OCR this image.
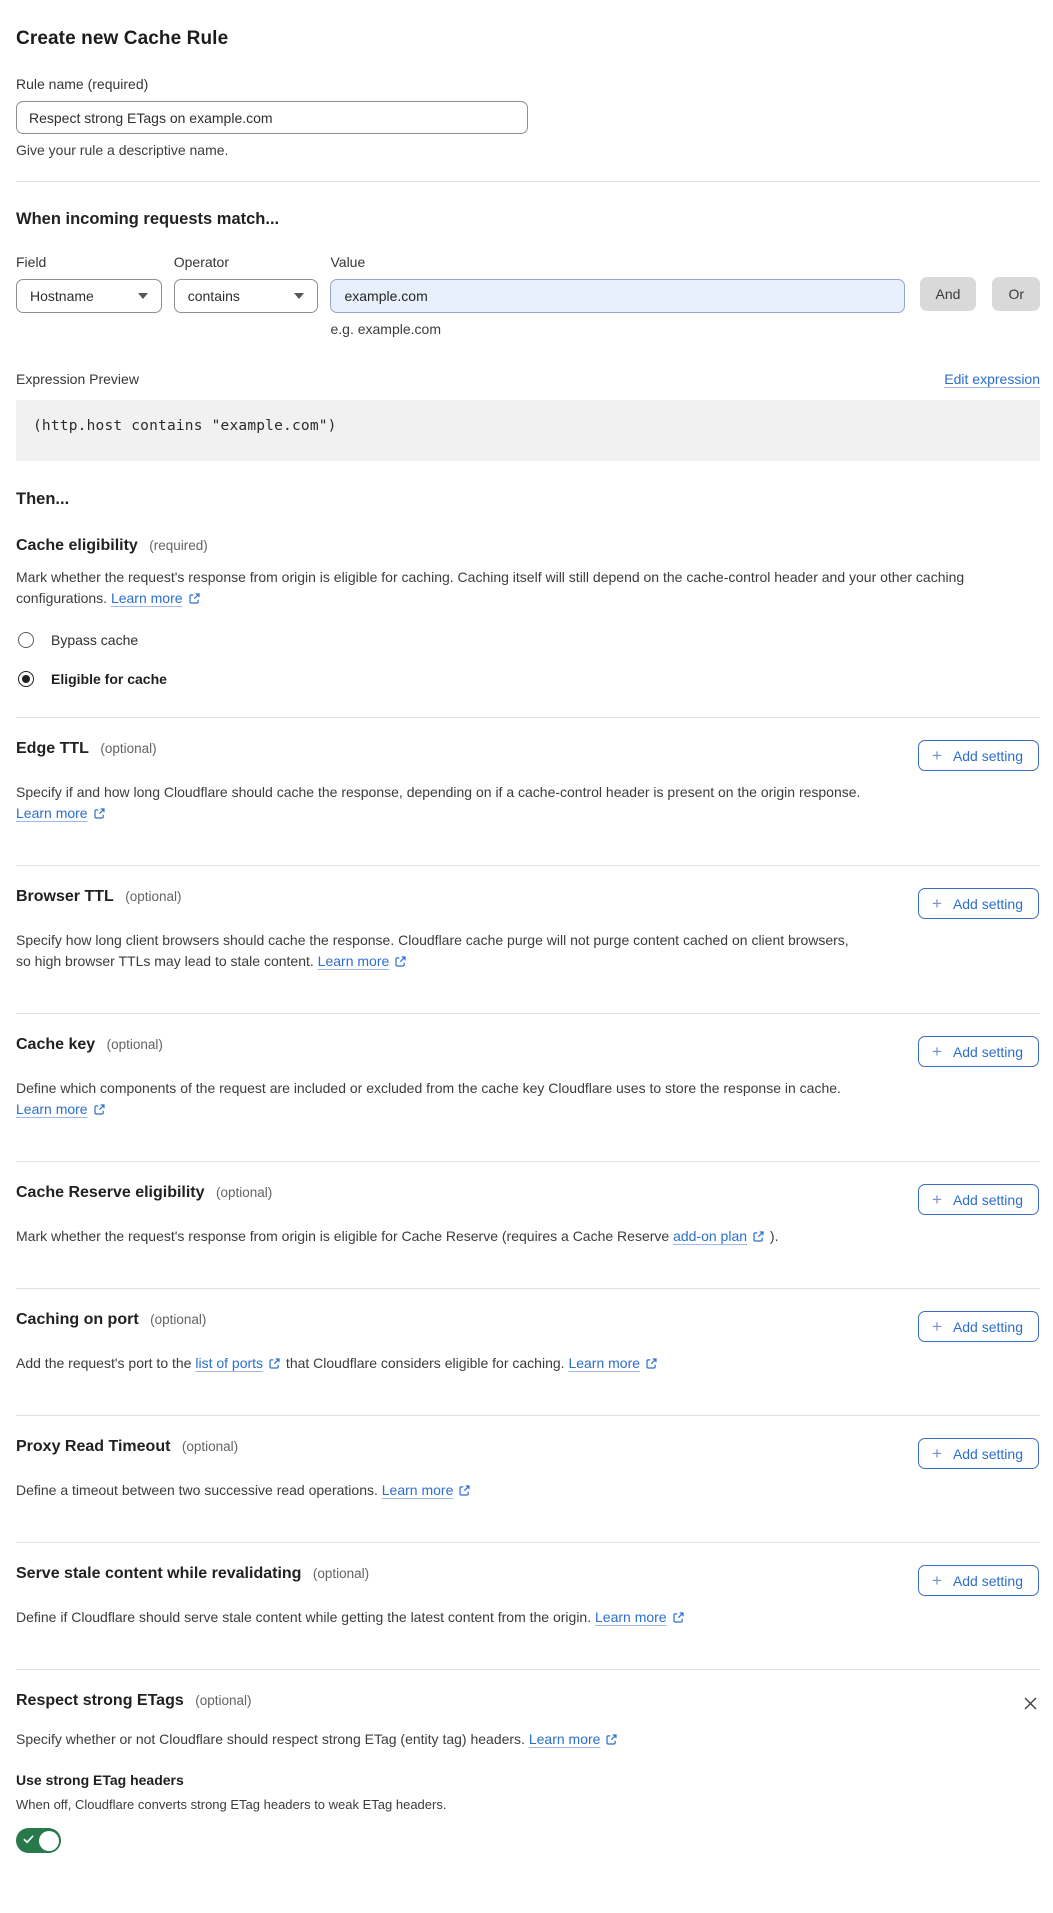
Create new Cache Rule
Rule name (required)
Respect strong ETags on example.com
Give your rule a descriptive name.
When incoming requests match...
Field
Hostname
Operator
contains
Value
example.com
e.g. example.com
And	Or
Expression Preview	Edit expression
(http.host contains "example.com")
Then...
Cache eligibility (required)

Mark whether the request's response from origin is eligible for caching. Caching itself will still depend on the cache-control header and your other caching configurations. Learn more

Bypass cache
Eligible for cache
Edge TTL (optional)	+ Add setting

Specify if and how long Cloudflare should cache the response, depending on if a cache-control header is present on the origin response. Learn more

Browser TTL (optional)	+ Add setting

Specify how long client browsers should cache the response. Cloudflare cache purge will not purge content cached on client browsers, so high browser TTLs may lead to stale content. Learn more

Cache key (optional)	+ Add setting

Define which components of the request are included or excluded from the cache key Cloudflare uses to store the response in cache. Learn more

Cache Reserve eligibility (optional)	+ Add setting

Mark whether the request's response from origin is eligible for Cache Reserve (requires a Cache Reserve add-on plan ).

Caching on port (optional)	+ Add setting

Add the request's port to the list of ports that Cloudflare considers eligible for caching. Learn more

Proxy Read Timeout (optional)	+ Add setting

Define a timeout between two successive read operations. Learn more

Serve stale content while revalidating (optional)	+ Add setting

Define if Cloudflare should serve stale content while getting the latest content from the origin. Learn more

Respect strong ETags (optional)

Specify whether or not Cloudflare should respect strong ETag (entity tag) headers. Learn more

Use strong ETag headers
When off, Cloudflare converts strong ETag headers to weak ETag headers.
